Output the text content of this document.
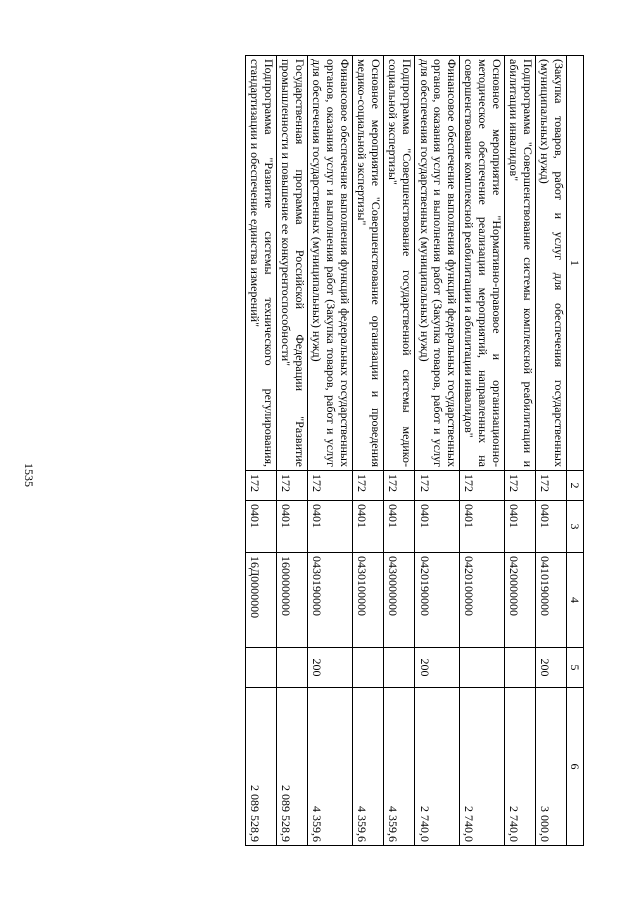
1535
1	2	3	4	5	6
(Закупка товаров, работ и услуг для обеспечения государственных (муниципальных) нужд)	172	0401	0410190000	200	3 000,0
Подпрограмма "Совершенствование системы комплексной реабилитации и абилитации инвалидов"	172	0401	0420000000		2 740,0
Основное мероприятие "Нормативно-правовое и организационно-методическое обеспечение реализации мероприятий, направленных на совершенствование комплексной реабилитации и абилитации инвалидов"	172	0401	0420100000		2 740,0
Финансовое обеспечение выполнения функций федеральных государственных органов, оказания услуг и выполнения работ (Закупка товаров, работ и услуг для обеспечения государственных (муниципальных) нужд)	172	0401	0420190000	200	2 740,0
Подпрограмма "Совершенствование государственной системы медико-социальной экспертизы"	172	0401	0430000000		4 359,6
Основное мероприятие "Совершенствование организации и проведения медико-социальной экспертизы"	172	0401	0430100000		4 359,6
Финансовое обеспечение выполнения функций федеральных государственных органов, оказания услуг и выполнения работ (Закупка товаров, работ и услуг для обеспечения государственных (муниципальных) нужд)	172	0401	0430190000	200	4 359,6
Государственная программа Российской Федерации "Развитие промышленности и повышение ее конкурентоспособности"	172	0401	1600000000		2 089 528,9
Подпрограмма "Развитие системы технического регулирования, стандартизации и обеспечение единства измерений"	172	0401	16Д0000000		2 089 528,9
